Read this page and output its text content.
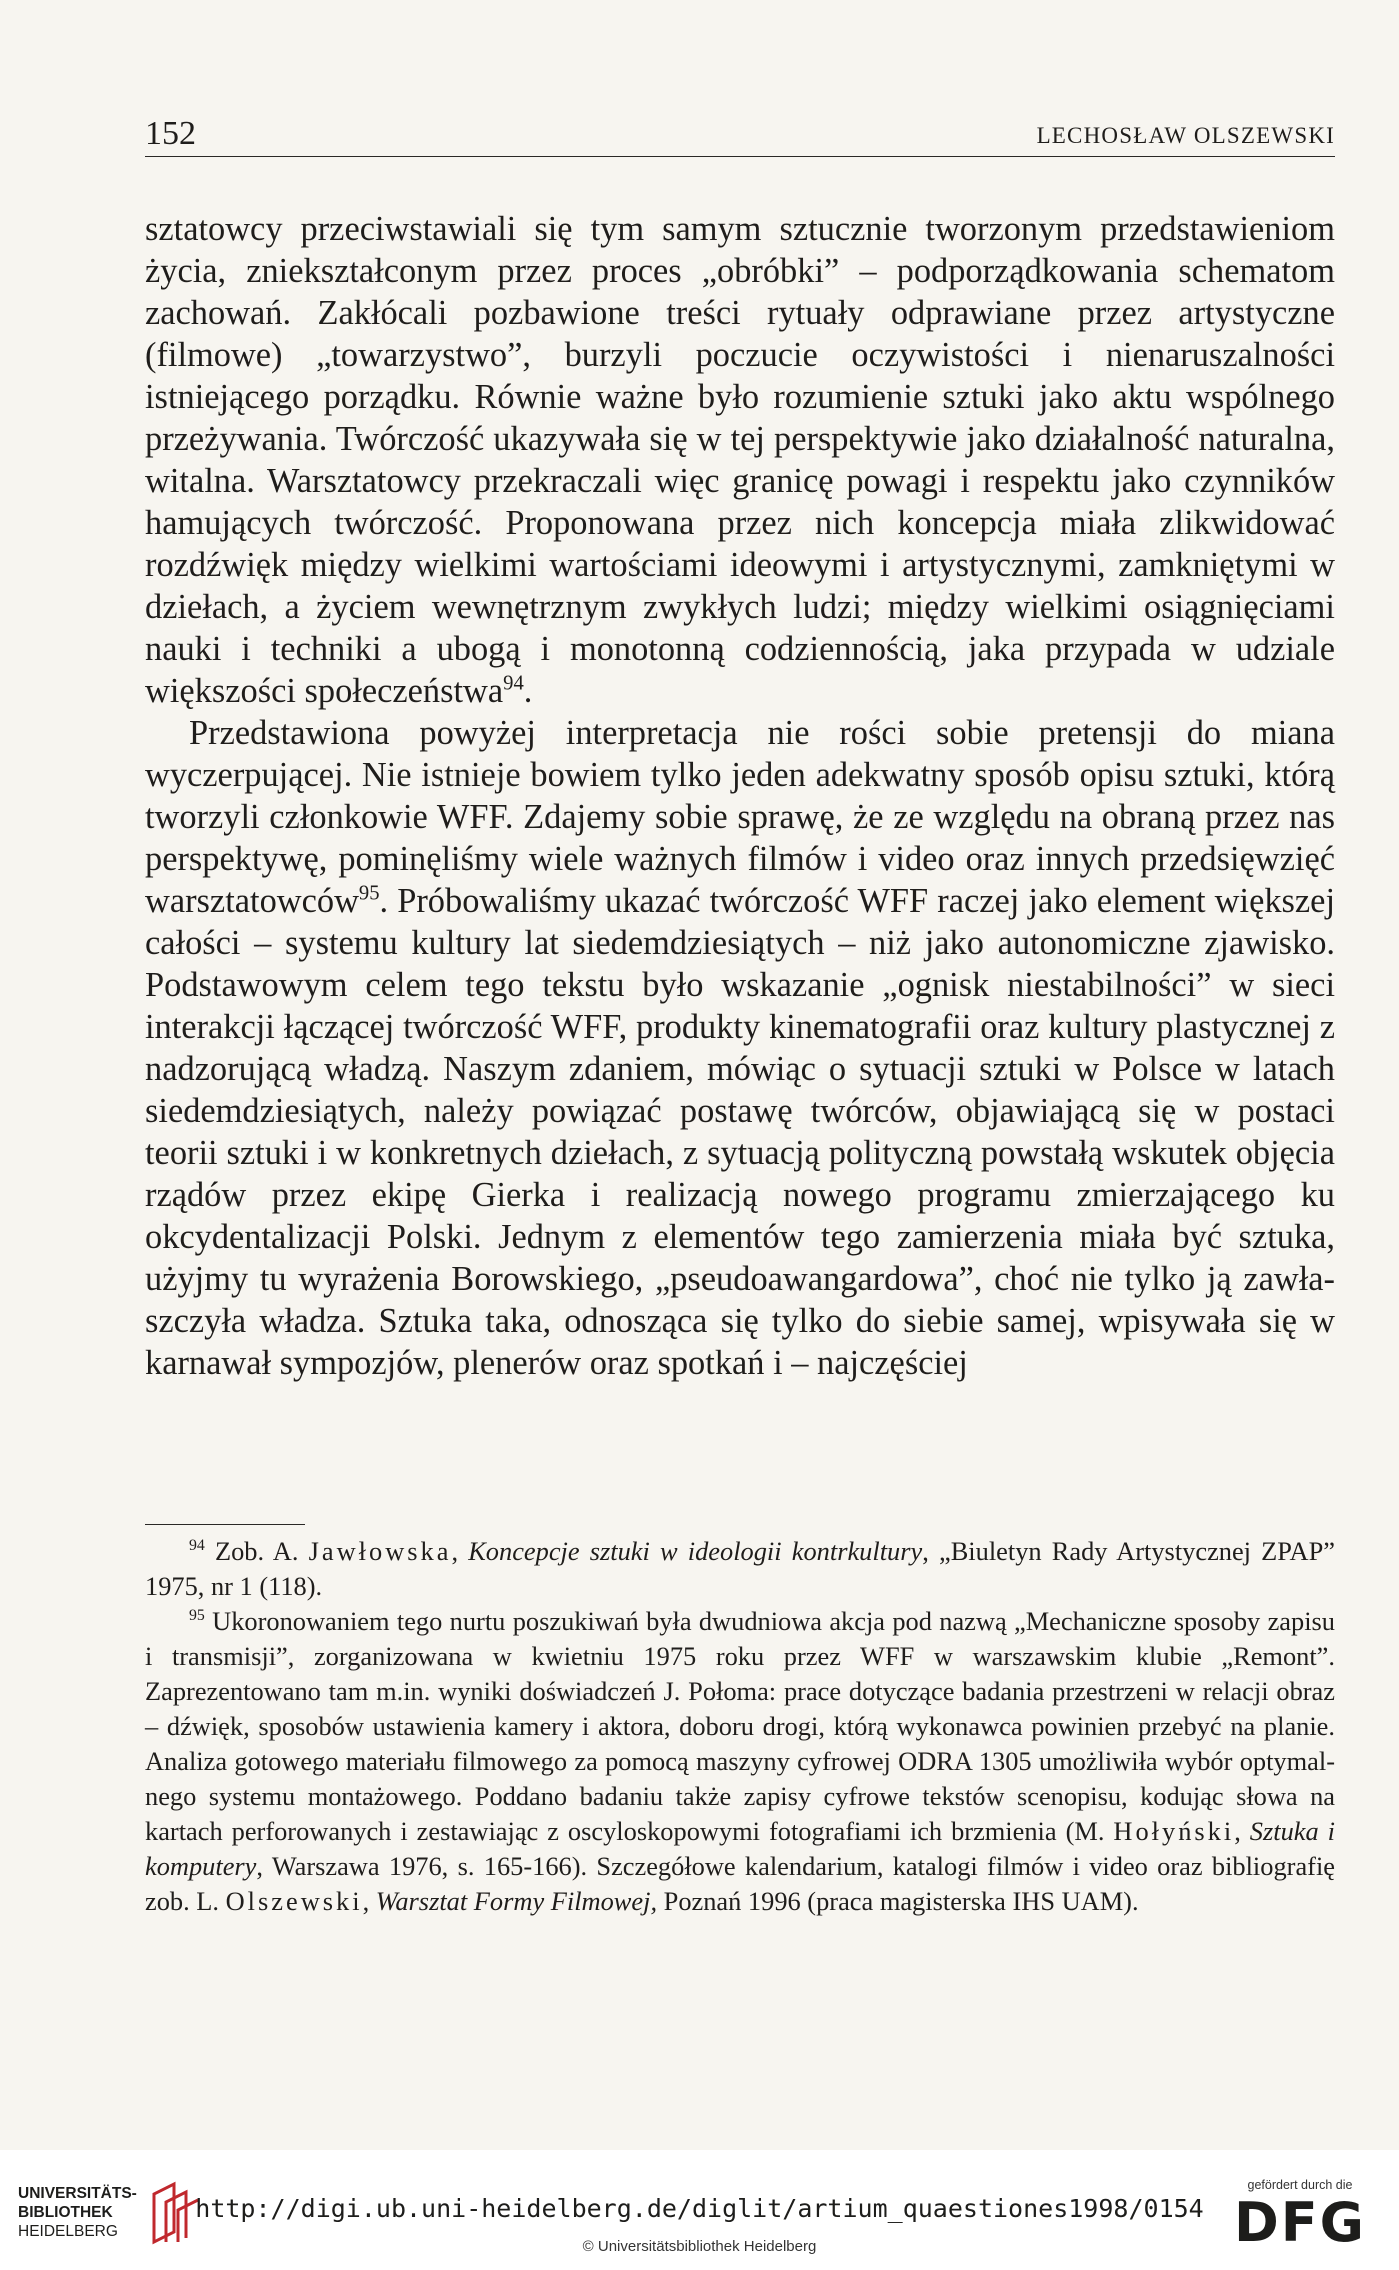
152	LECHOSŁAW OLSZEWSKI

sztatowcy przeciwstawiali się tym samym sztucznie tworzonym przedstawieniom życia, zniekształconym przez proces „obróbki” – podporządkowania schematom zachowań. Zakłócali pozbawione treści rytuały odprawiane przez artystyczne (filmowe) „towarzystwo”, burzyli poczucie oczywistości i nienaruszalności istniejącego porządku. Równie ważne było rozumienie sztuki jako aktu wspólnego przeżywania. Twórczość ukazywała się w tej perspektywie jako działalność naturalna, witalna. Warsztatowcy przekraczali więc granicę powagi i respektu jako czynników hamujących twórczość. Proponowana przez nich koncepcja miała zlikwidować rozdźwięk między wielkimi wartościami ideowymi i artystycznymi, zamkniętymi w dziełach, a życiem wewnętrznym zwykłych ludzi; między wielkimi osiągnięciami nauki i techniki a ubogą i monotonną codziennością, jaka przypada w udziale większości społeczeństwa$^{94}$.

Przedstawiona powyżej interpretacja nie rości sobie pretensji do miana wyczerpującej. Nie istnieje bowiem tylko jeden adekwatny sposób opisu sztuki, którą tworzyli członkowie WFF. Zdajemy sobie sprawę, że ze względu na obraną przez nas perspektywę, pominęliśmy wiele ważnych filmów i video oraz innych przedsięwzięć warsztatowców$^{95}$. Próbowaliśmy ukazać twórczość WFF raczej jako element większej całości – systemu kultury lat siedemdziesiątych – niż jako autonomiczne zjawisko. Podstawowym celem tego tekstu było wskazanie „ognisk niestabilności” w sieci interakcji łączącej twórczość WFF, produkty kinematografii oraz kultury plastycznej z nadzorującą władzą. Naszym zdaniem, mówiąc o sytuacji sztuki w Polsce w latach siedemdziesiątych, należy powiązać postawę twórców, objawiającą się w postaci teorii sztuki i w konkretnych dziełach, z sytuacją polityczną powstałą wskutek objęcia rządów przez ekipę Gierka i realizacją nowego programu zmierzającego ku okcydentalizacji Polski. Jednym z elementów tego zamierzenia miała być sztuka, użyjmy tu wyrażenia Borowskiego, „pseudoawangardowa”, choć nie tylko ją zawłaszczyła władza. Sztuka taka, odnosząca się tylko do siebie samej, wpisywała się w karnawał sympozjów, plenerów oraz spotkań i – najczęściej

$^{94}$ Zob. A. Jawłowska, Koncepcje sztuki w ideologii kontrkultury, „Biuletyn Rady Artystycznej ZPAP” 1975, nr 1 (118).

$^{95}$ Ukoronowaniem tego nurtu poszukiwań była dwudniowa akcja pod nazwą „Mechaniczne sposoby zapisu i transmisji”, zorganizowana w kwietniu 1975 roku przez WFF w warszawskim klubie „Remont”. Zaprezentowano tam m.in. wyniki doświadczeń J. Połoma: prace dotyczące badania przestrzeni w relacji obraz – dźwięk, sposobów ustawienia kamery i aktora, doboru drogi, którą wykonawca powinien przebyć na planie. Analiza gotowego materiału filmowego za pomocą maszyny cyfrowej ODRA 1305 umożliwiła wybór optymalnego systemu montażowego. Poddano badaniu także zapisy cyfrowe tekstów scenopisu, kodując słowa na kartach perforowanych i zestawiając z oscyloskopowymi fotografiami ich brzmienia (M. Hołyński, Sztuka i komputery, Warszawa 1976, s. 165-166). Szczegółowe kalendarium, katalogi filmów i video oraz bibliografię zob. L. Olszewski, Warsztat Formy Filmowej, Poznań 1996 (praca magisterska IHS UAM).

UNIVERSITÄTS-
BIBLIOTHEK
HEIDELBERG
http://digi.ub.uni-heidelberg.de/diglit/artium_quaestiones1998/0154
© Universitätsbibliothek Heidelberg
gefördert durch die
DFG
